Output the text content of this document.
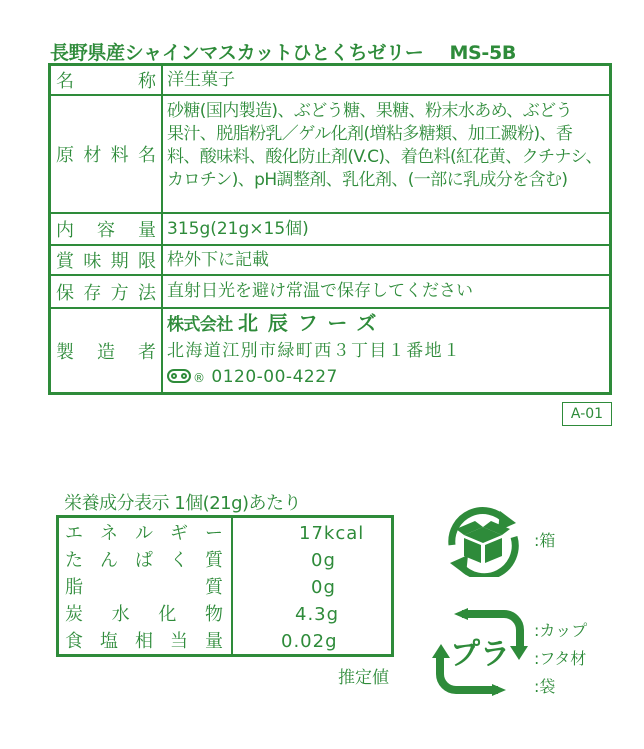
長野県産シャインマスカットひとくちゼリー MS-5B
名　称 洋生菓子
原材料名
砂糖(国内製造)、ぶどう糖、果糖、粉末水あめ、ぶどう
果汁、脱脂粉乳／ゲル化剤(増粘多糖類、加工澱粉)、香
料、酸味料、酸化防止剤(V.C)、着色料(紅花黄、クチナシ、
カロチン)、pH調整剤、乳化剤、(一部に乳成分を含む)
内容量 315g(21g×15個)
賞味期限 枠外下に記載
保存方法 直射日光を避け常温で保存してください
製造者
株式会社 北辰フーズ
北海道江別市緑町西３丁目１番地１
® 0120-00-4227
A-01
栄養成分表示 1個(21g)あたり
エネルギー	17kcal
たんぱく質	0g
脂質	0g
炭水化物	4.3g
食塩相当量	0.02g
推定値
:箱
プラ
:カップ
:フタ材
:袋
